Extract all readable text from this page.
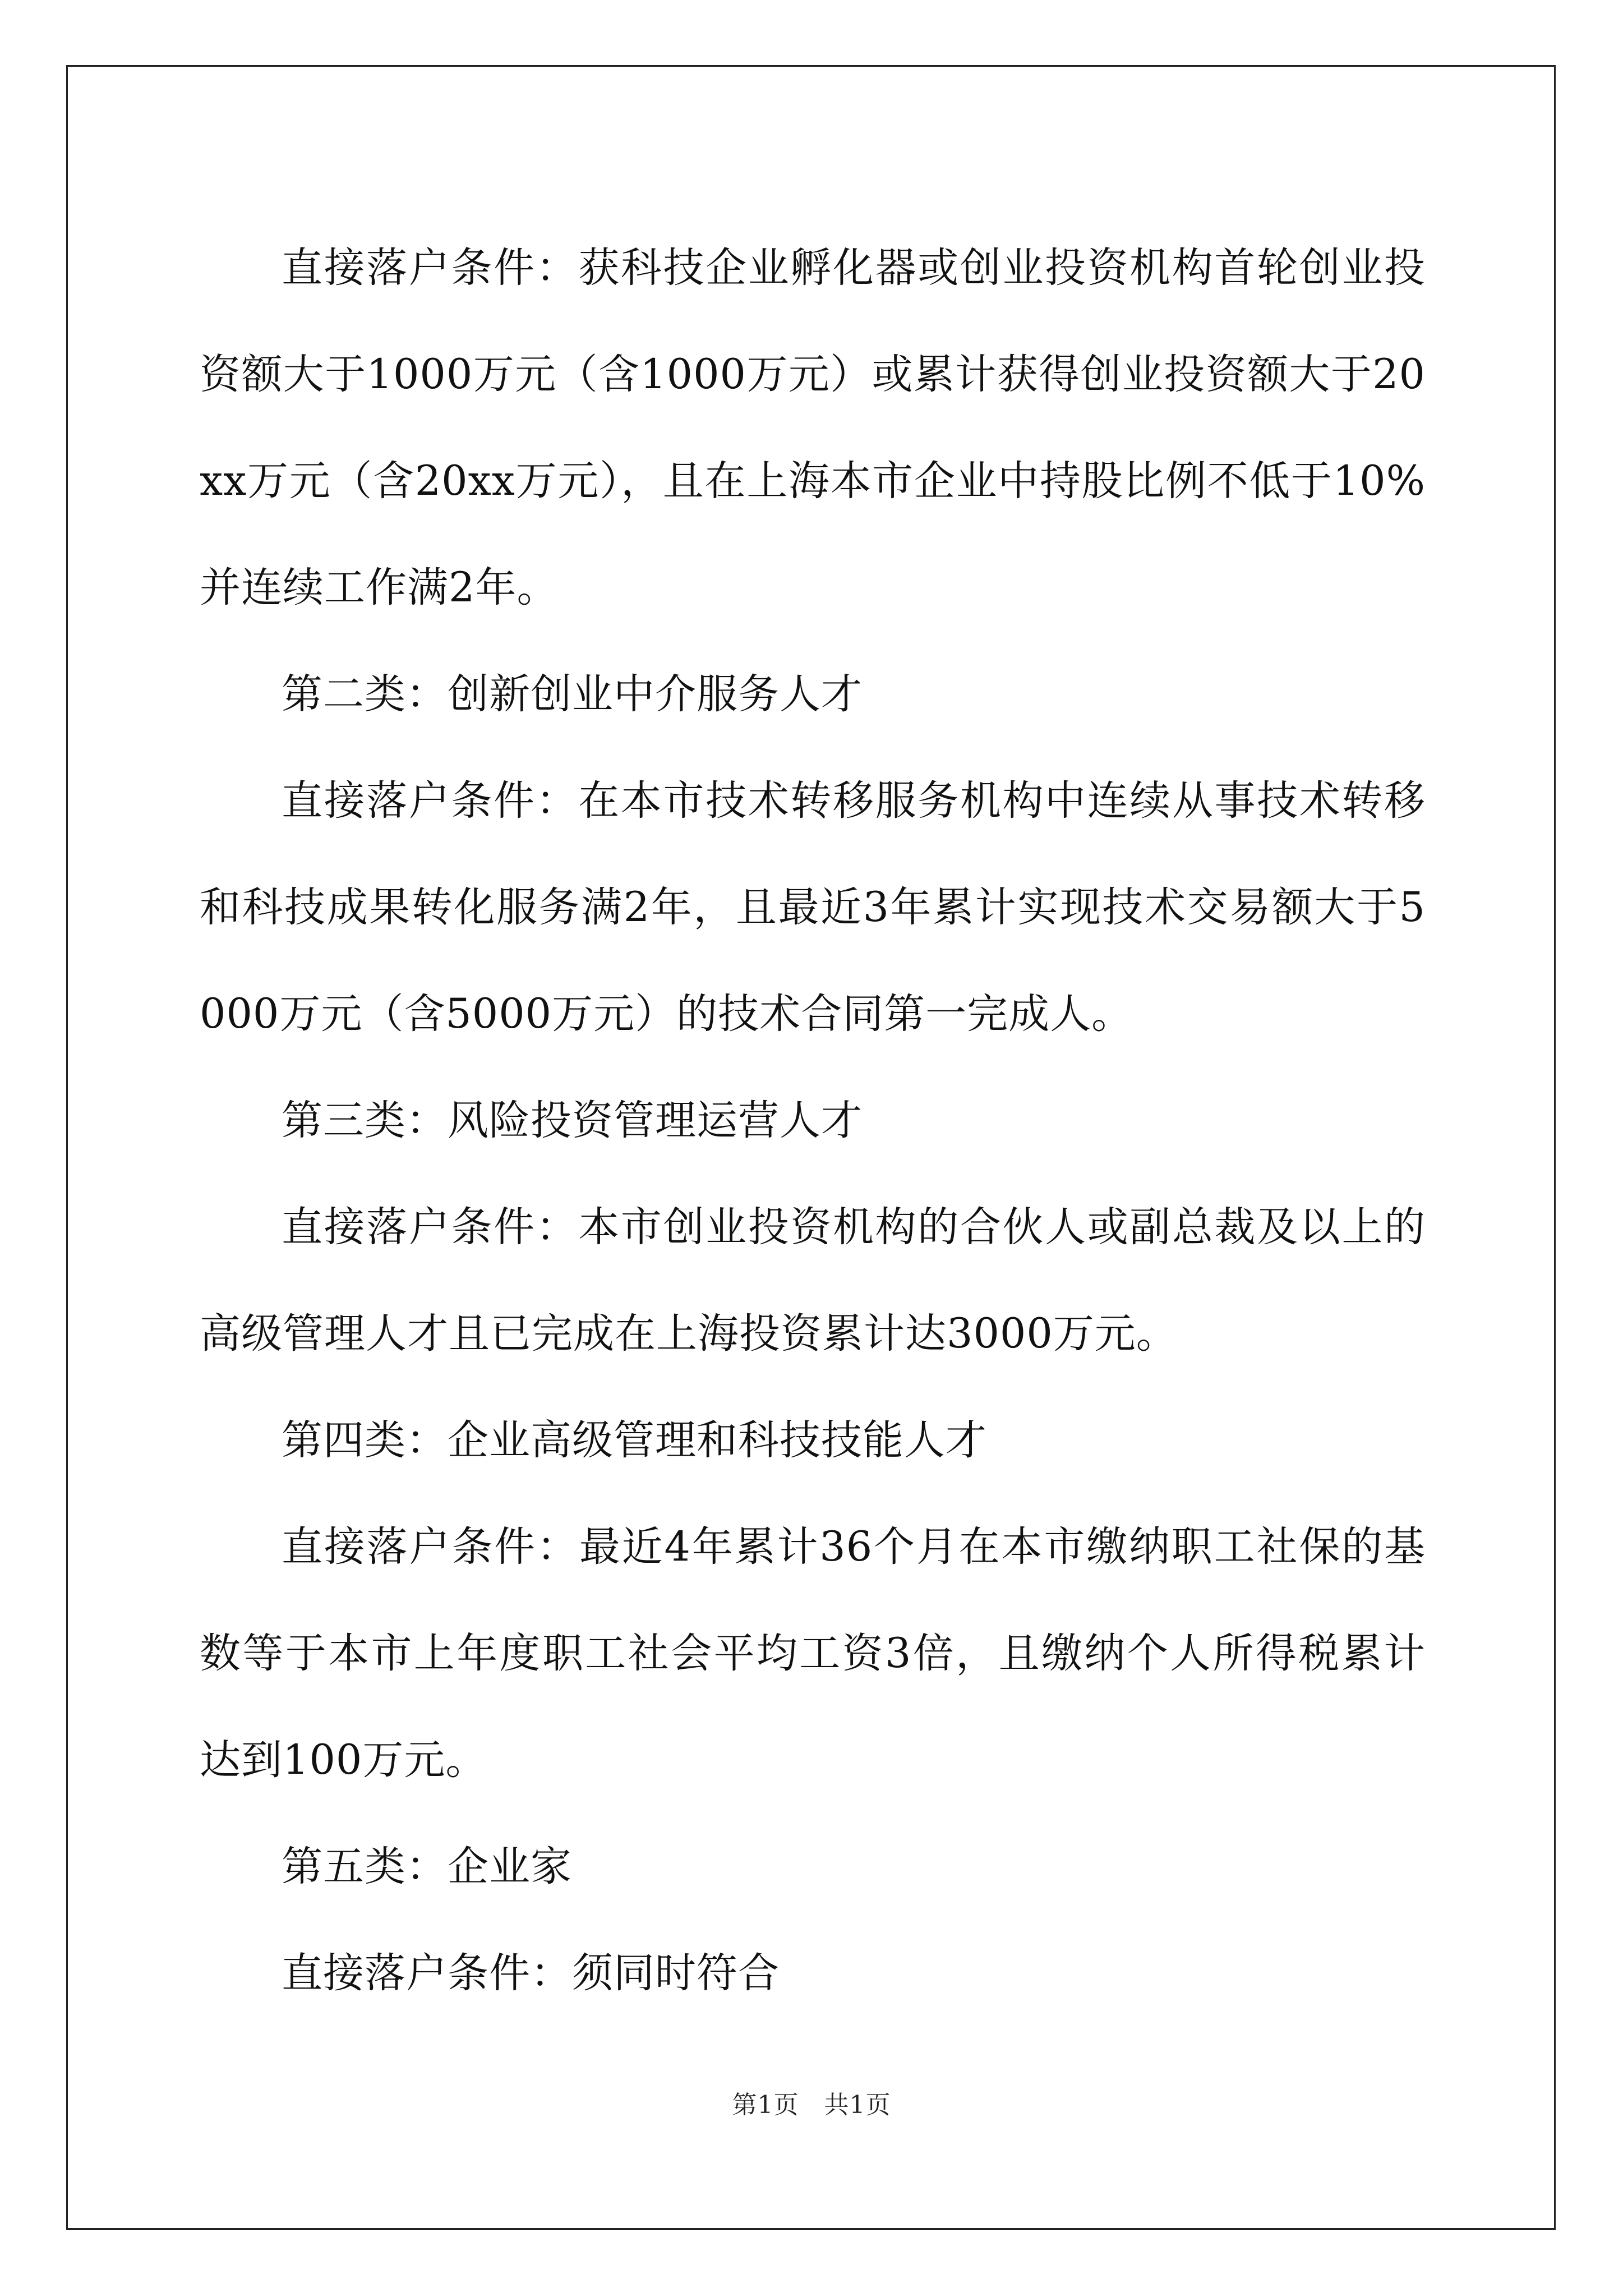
直接落户条件：获科技企业孵化器或创业投资机构首轮创业投资额大于1000万元（含1000万元）或累计获得创业投资额大于20xx万元（含20xx万元），且在上海本市企业中持股比例不低于10%并连续工作满2年。

第二类：创新创业中介服务人才

直接落户条件：在本市技术转移服务机构中连续从事技术转移和科技成果转化服务满2年，且最近3年累计实现技术交易额大于5000万元（含5000万元）的技术合同第一完成人。

第三类：风险投资管理运营人才

直接落户条件：本市创业投资机构的合伙人或副总裁及以上的高级管理人才且已完成在上海投资累计达3000万元。

第四类：企业高级管理和科技技能人才

直接落户条件：最近4年累计36个月在本市缴纳职工社保的基数等于本市上年度职工社会平均工资3倍，且缴纳个人所得税累计达到100万元。

第五类：企业家

直接落户条件：须同时符合

第1页　共1页
